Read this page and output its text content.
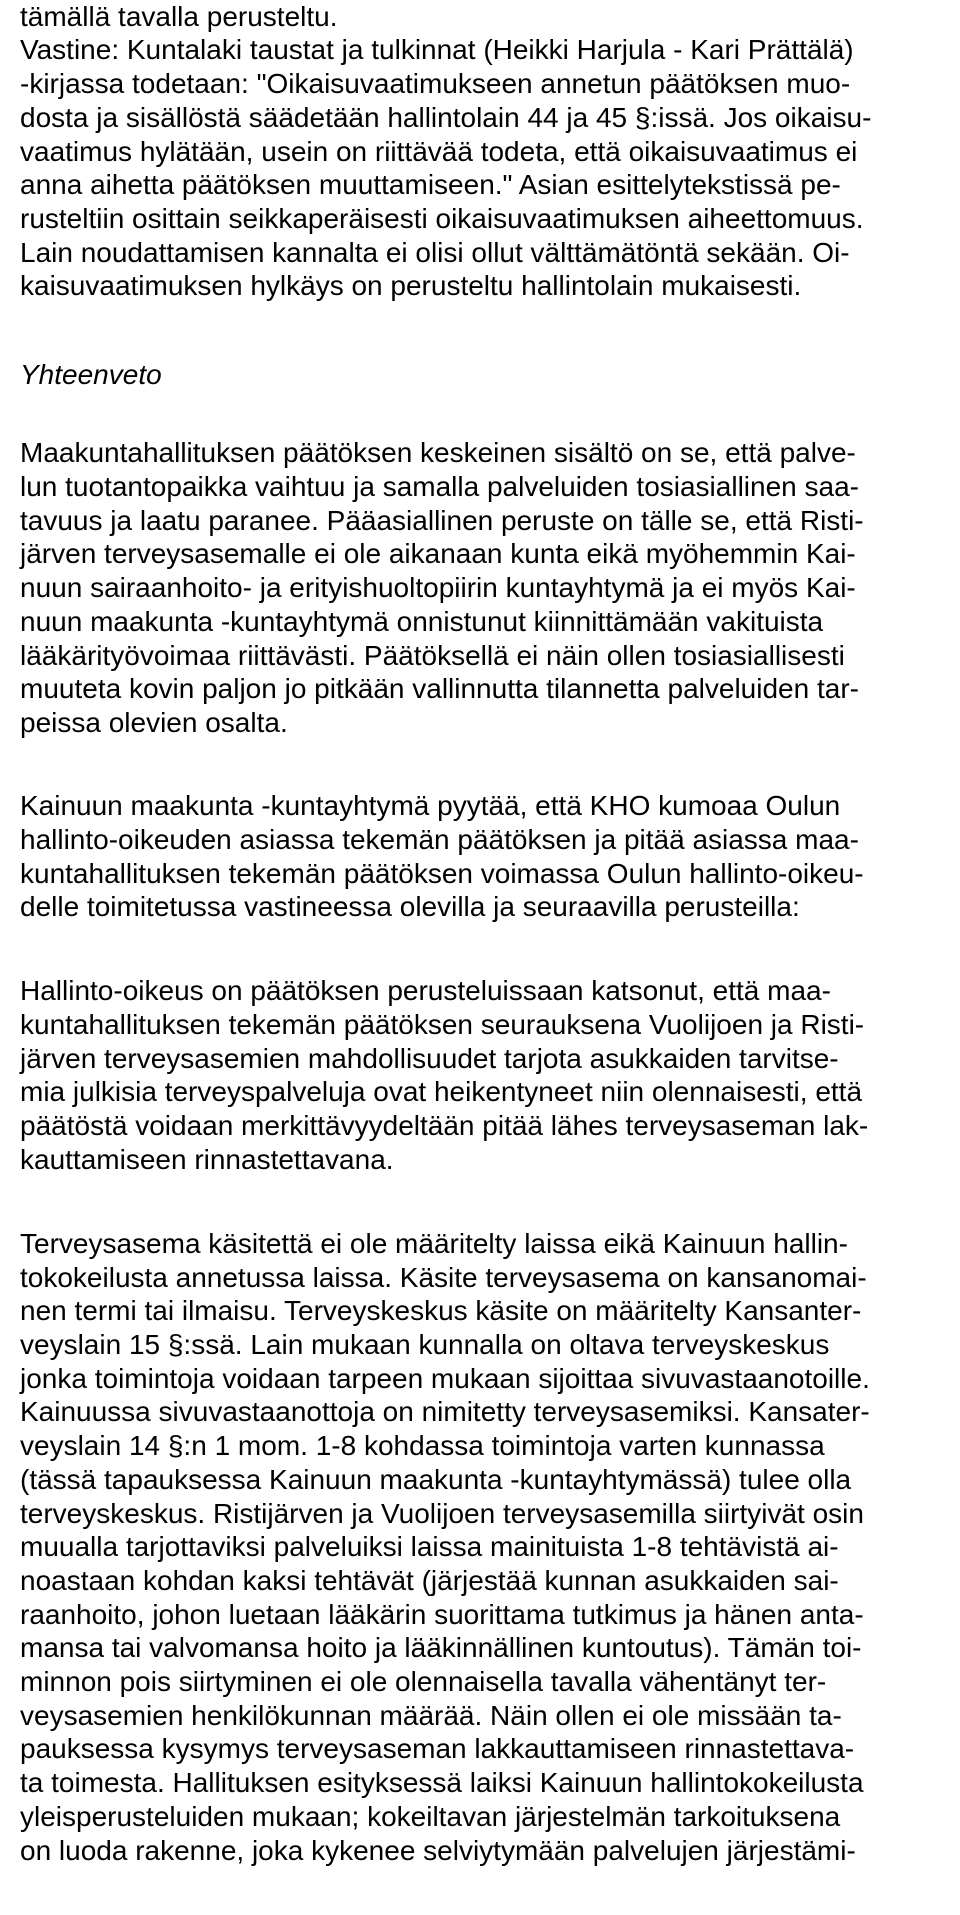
tämällä tavalla perusteltu.
Vastine: Kuntalaki taustat ja tulkinnat (Heikki Harjula - Kari Prättälä)
-kirjassa todetaan: "Oikaisuvaatimukseen annetun päätöksen muo-
dosta ja sisällöstä säädetään hallintolain 44 ja 45 §:issä. Jos oikaisu-
vaatimus hylätään, usein on riittävää todeta, että oikaisuvaatimus ei
anna aihetta päätöksen muuttamiseen." Asian esittelytekstissä pe-
rusteltiin osittain seikkaperäisesti oikaisuvaatimuksen aiheettomuus.
Lain noudattamisen kannalta ei olisi ollut välttämätöntä sekään. Oi-
kaisuvaatimuksen hylkäys on perusteltu hallintolain mukaisesti.
Yhteenveto
Maakuntahallituksen päätöksen keskeinen sisältö on se, että palve-
lun tuotantopaikka vaihtuu ja samalla palveluiden tosiasiallinen saa-
tavuus ja laatu paranee. Pääasiallinen peruste on tälle se, että Risti-
järven terveysasemalle ei ole aikanaan kunta eikä myöhemmin Kai-
nuun sairaanhoito- ja erityishuoltopiirin kuntayhtymä ja ei myös Kai-
nuun maakunta -kuntayhtymä onnistunut kiinnittämään vakituista
lääkärityövoimaa riittävästi. Päätöksellä ei näin ollen tosiasiallisesti
muuteta kovin paljon jo pitkään vallinnutta tilannetta palveluiden tar-
peissa olevien osalta.
Kainuun maakunta -kuntayhtymä pyytää, että KHO kumoaa Oulun
hallinto-oikeuden asiassa tekemän päätöksen ja pitää asiassa maa-
kuntahallituksen tekemän päätöksen voimassa Oulun hallinto-oikeu-
delle toimitetussa vastineessa olevilla ja seuraavilla perusteilla:
Hallinto-oikeus on päätöksen perusteluissaan katsonut, että maa-
kuntahallituksen tekemän päätöksen seurauksena Vuolijoen ja Risti-
järven terveysasemien mahdollisuudet tarjota asukkaiden tarvitse-
mia julkisia terveyspalveluja ovat heikentyneet niin olennaisesti, että
päätöstä voidaan merkittävyydeltään pitää lähes terveysaseman lak-
kauttamiseen rinnastettavana.
Terveysasema käsitettä ei ole määritelty laissa eikä Kainuun hallin-
tokokeilusta annetussa laissa. Käsite terveysasema on kansanomai-
nen termi tai ilmaisu. Terveyskeskus käsite on määritelty Kansanter-
veyslain 15 §:ssä. Lain mukaan kunnalla on oltava terveyskeskus
jonka toimintoja voidaan tarpeen mukaan sijoittaa sivuvastaanotoille.
Kainuussa sivuvastaanottoja on nimitetty terveysasemiksi. Kansater-
veyslain 14 §:n 1 mom. 1-8 kohdassa toimintoja varten kunnassa
(tässä tapauksessa Kainuun maakunta -kuntayhtymässä) tulee olla
terveyskeskus. Ristijärven ja Vuolijoen terveysasemilla siirtyivät osin
muualla tarjottaviksi palveluiksi laissa mainituista 1-8 tehtävistä ai-
noastaan kohdan kaksi tehtävät (järjestää kunnan asukkaiden sai-
raanhoito, johon luetaan lääkärin suorittama tutkimus ja hänen anta-
mansa tai valvomansa hoito ja lääkinnällinen kuntoutus). Tämän toi-
minnon pois siirtyminen ei ole olennaisella tavalla vähentänyt ter-
veysasemien henkilökunnan määrää. Näin ollen ei ole missään ta-
pauksessa kysymys terveysaseman lakkauttamiseen rinnastettava-
ta toimesta. Hallituksen esityksessä laiksi Kainuun hallintokokeilusta
yleisperusteluiden mukaan; kokeiltavan järjestelmän tarkoituksena
on luoda rakenne, joka kykenee selviytymään palvelujen järjestämi-
